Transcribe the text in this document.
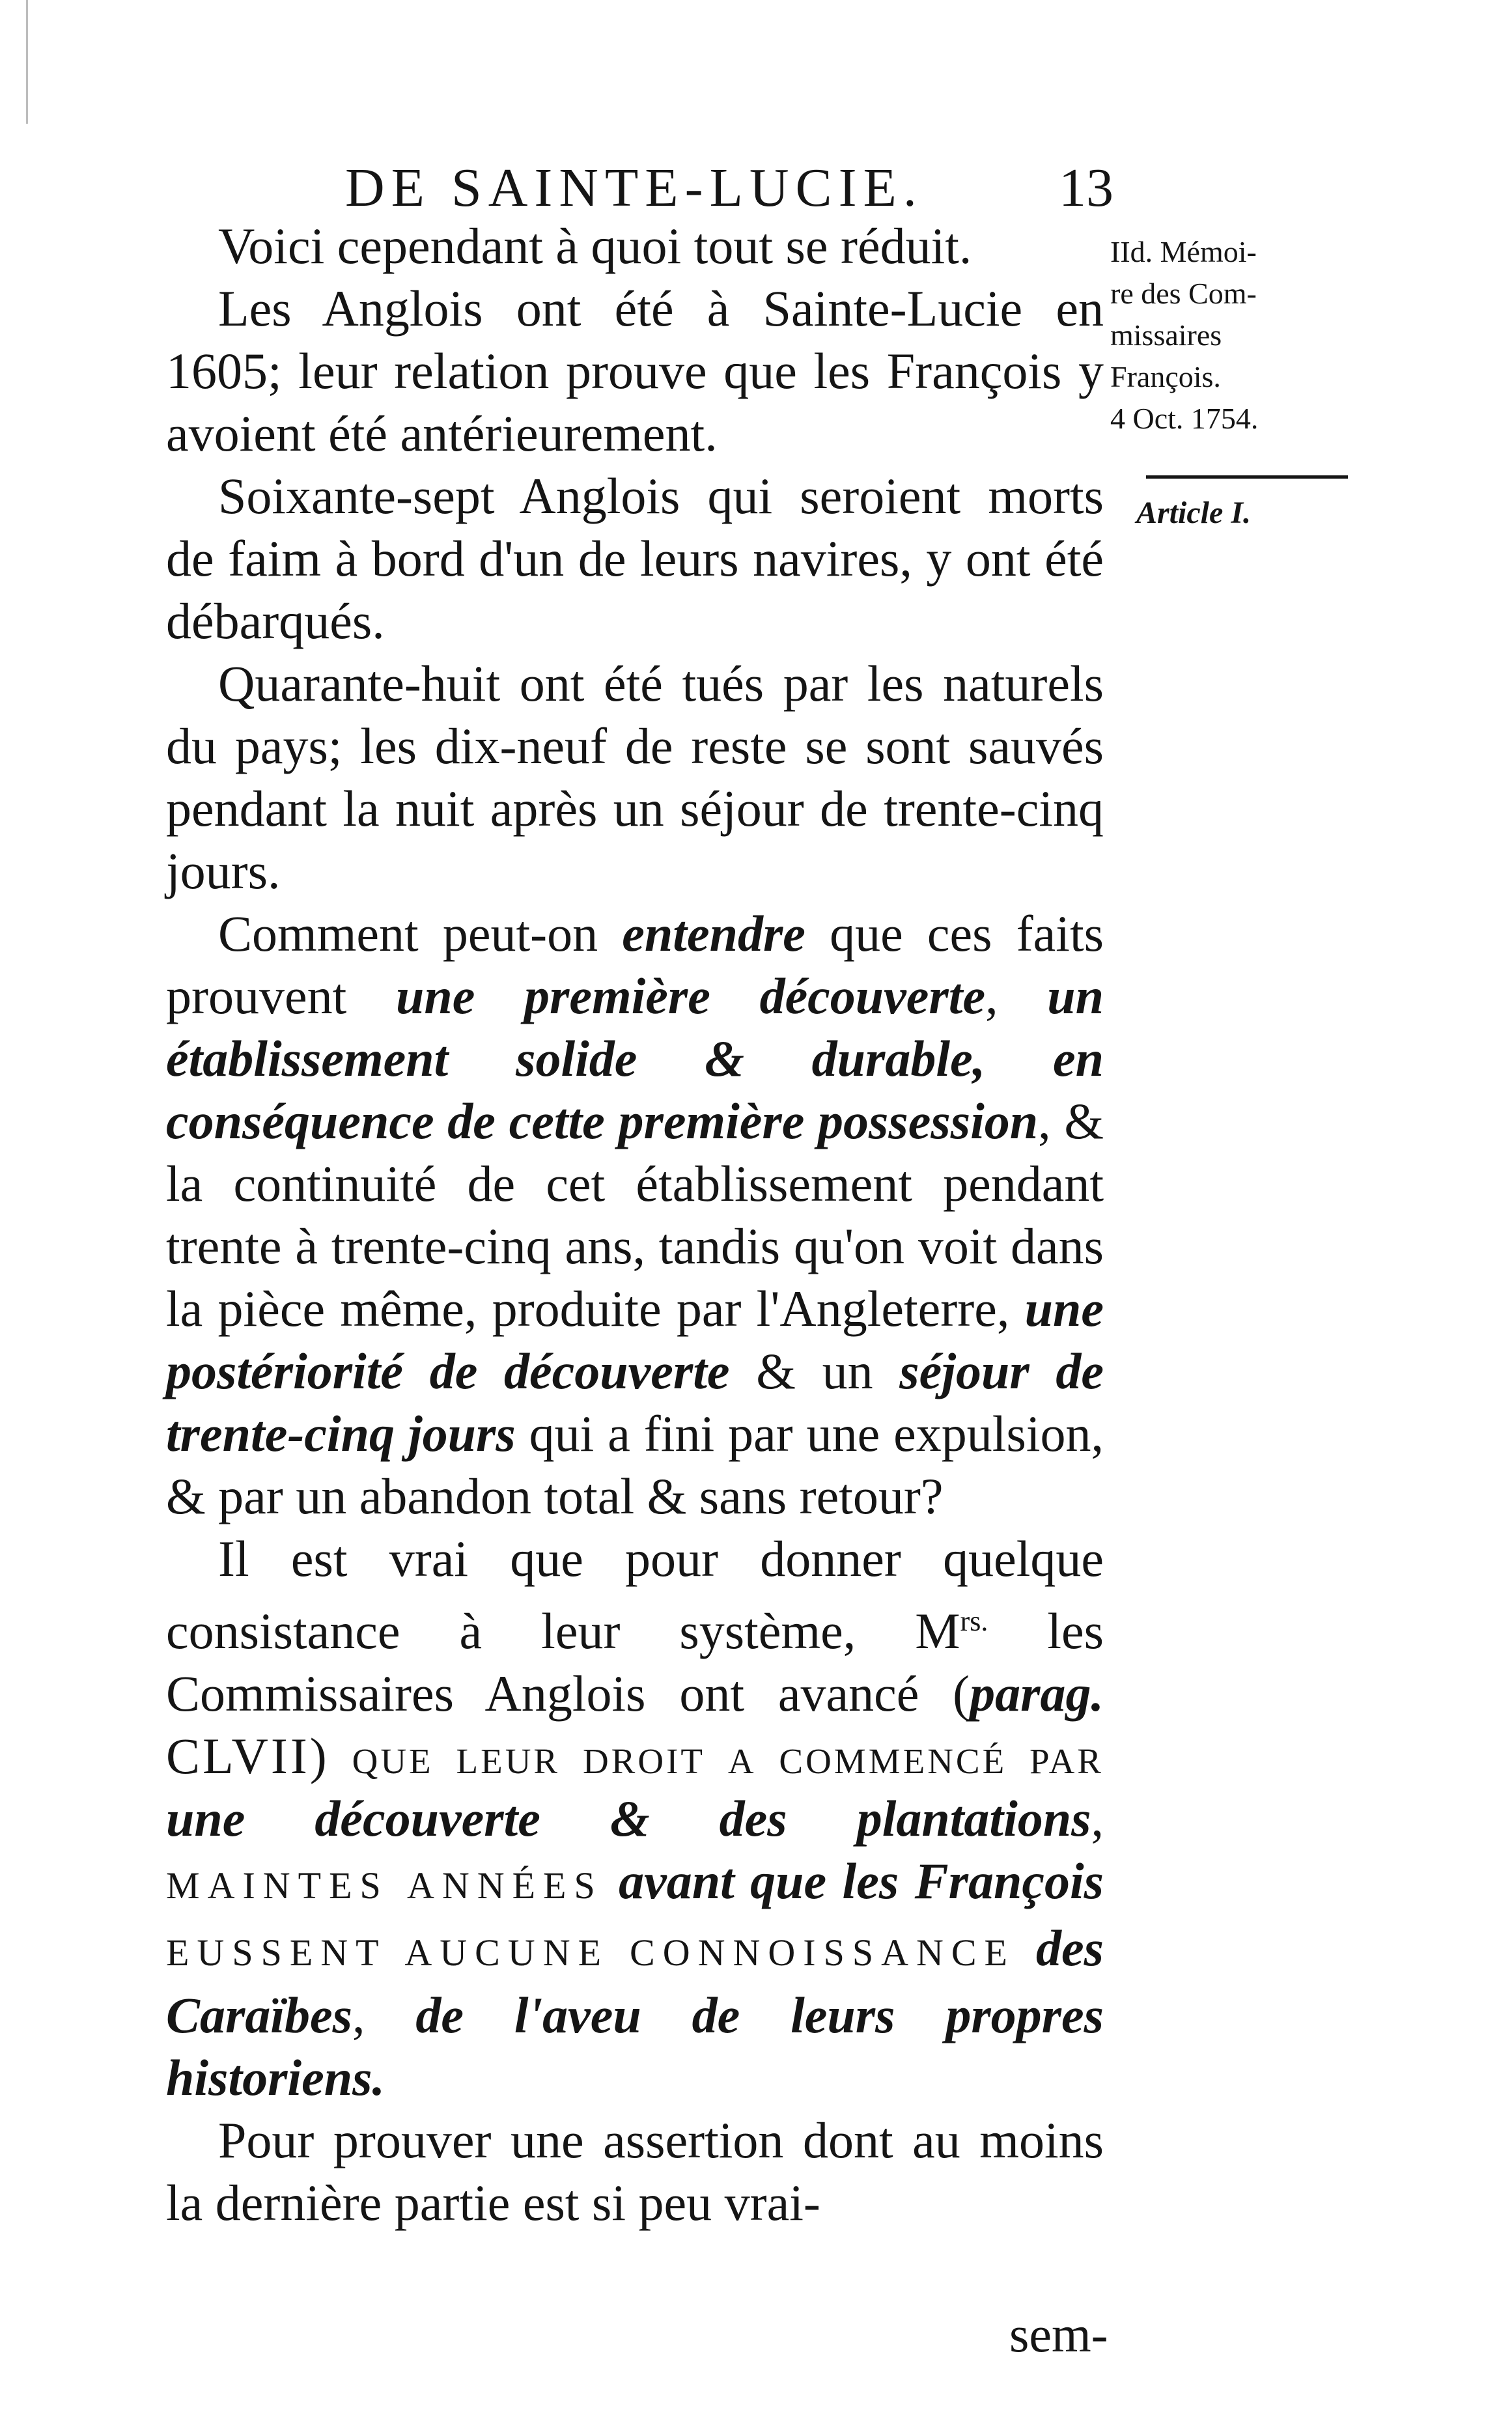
DE SAINTE-LUCIE. 13
IId. Mémoi-
re des Com-
missaires
François.
4 Oct. 1754.
Article I.

Voici cependant à quoi tout se réduit.

Les Anglois ont été à Sainte-Lucie en 1605; leur relation prouve que les François y avoient été antérieurement.

Soixante-sept Anglois qui seroient morts de faim à bord d'un de leurs navires, y ont été débarqués.

Quarante-huit ont été tués par les naturels du pays; les dix-neuf de reste se sont sauvés pendant la nuit après un séjour de trente-cinq jours.

Comment peut-on entendre que ces faits prouvent une première découverte, un établissement solide & durable, en conséquence de cette première possession, & la continuité de cet établissement pendant trente à trente-cinq ans, tandis qu'on voit dans la pièce même, produite par l'Angleterre, une postériorité de découverte & un séjour de trente-cinq jours qui a fini par une expulsion, & par un abandon total & sans retour?

Il est vrai que pour donner quelque consistance à leur système, $M^{rs.}$ les Commissaires Anglois ont avancé (parag. CLVII) que leur droit a commencé par une découverte & des plantations, MAINTES ANNÉES avant que les François EUSSENT AUCUNE CONNOISSANCE des Caraïbes, de l'aveu de leurs propres historiens.

Pour prouver une assertion dont au moins la dernière partie est si peu vrai-

sem-
